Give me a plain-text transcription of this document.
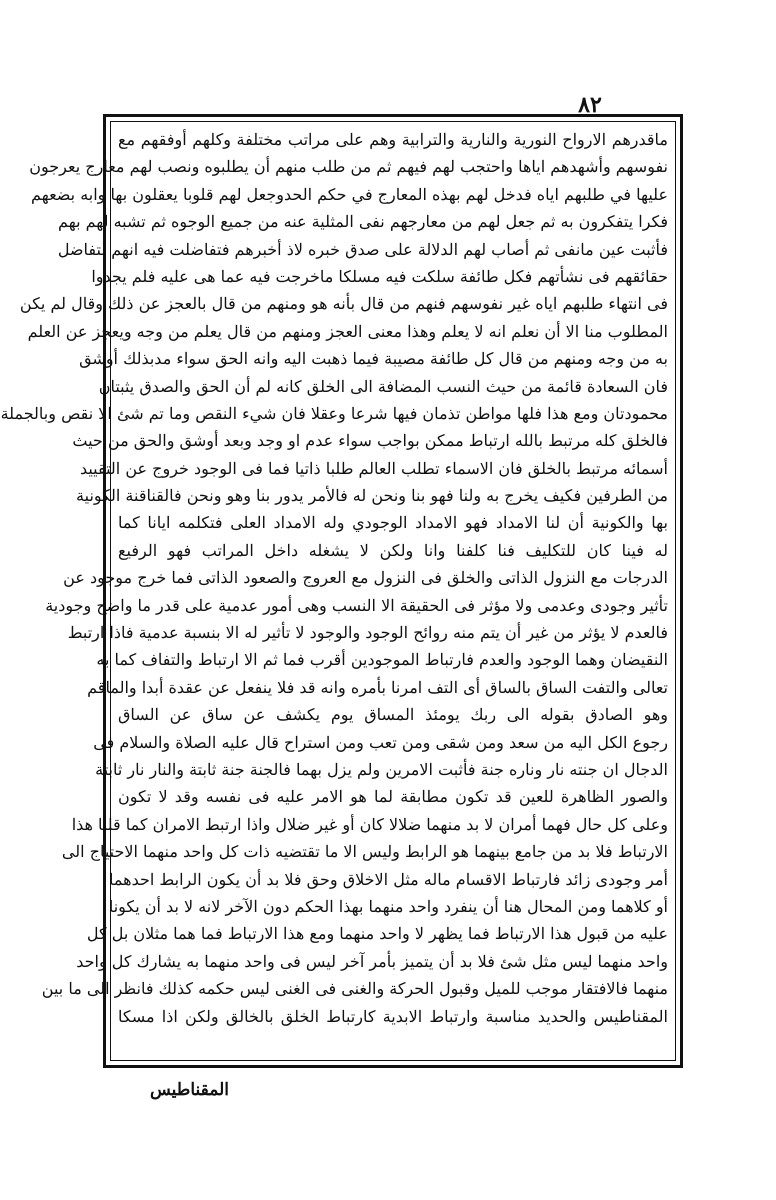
٨٢
ماقدرهم الارواح النورية والنارية والترابية وهم على مراتب مختلفة وكلهم أوفقهم مع
نفوسهم وأشهدهم اياها واحتجب لهم فيهم ثم من طلب منهم أن يطلبوه ونصب لهم معارج يعرجون
عليها في طلبهم اياه فدخل لهم بهذه المعارج في حكم الحدوجعل لهم قلوبا يعقلون بها وابه بضعهم
فكرا يتفكرون به ثم جعل لهم من معارجهم نفى المثلية عنه من جميع الوجوه ثم تشبه لهم بهم
فأثبت عين مانفى ثم أصاب لهم الدلالة على صدق خبره لاذ أخبرهم فتفاضلت فيه انهم لتفاضل
حقائقهم فى نشأتهم فكل طائفة سلكت فيه مسلكا ماخرجت فيه عما هى عليه فلم يجدوا
فى انتهاء طلبهم اياه غير نفوسهم فنهم من قال بأنه هو ومنهم من قال بالعجز عن ذلك وقال لم يكن
المطلوب منا الا أن نعلم انه لا يعلم وهذا معنى العجز ومنهم من قال يعلم من وجه ويعجز عن العلم
به من وجه ومنهم من قال كل طائفة مصيبة فيما ذهبت اليه وانه الحق سواء مدبذلك أوشق
فان السعادة قائمة من حيث النسب المضافة الى الخلق كانه لم أن الحق والصدق يثبتان
محمودتان ومع هذا فلها مواطن تذمان فيها شرعا وعقلا فان شيء النقص وما تم شئ الا نقص وبالجملة
فالخلق كله مرتبط بالله ارتباط ممكن بواجب سواء عدم او وجد وبعد أوشق والحق من حيث
أسمائه مرتبط بالخلق فان الاسماء تطلب العالم طلبا ذاتيا فما فى الوجود خروج عن التقييد
من الطرفين فكيف يخرج به ولنا فهو بنا ونحن له فالأمر يدور بنا وهو ونحن فالقناقنة الكونية
بها والكونية أن لنا الامداد فهو الامداد الوجودي وله الامداد العلى فتكلمه ايانا كما
له فينا كان للتكليف فنا كلفنا وانا ولكن لا يشغله داخل المراتب فهو الرفيع
الدرجات مع النزول الذاتى والخلق فى النزول مع العروج والصعود الذاتى فما خرج موجود عن
تأثير وجودى وعدمى ولا مؤثر فى الحقيقة الا النسب وهى أمور عدمية على قدر ما واضح وجودية
فالعدم لا يؤثر من غير أن يتم منه روائح الوجود والوجود لا تأثير له الا بنسبة عدمية فاذا ارتبط
النقيضان وهما الوجود والعدم فارتباط الموجودين أقرب فما ثم الا ارتباط والتفاف كما به
تعالى والتفت الساق بالساق أى التف امرنا بأمره وانه قد فلا ينفعل عن عقدة أبدا والماقم
وهو الصادق بقوله الى ربك يومئذ المساق يوم يكشف عن ساق عن الساق
رجوع الكل اليه من سعد ومن شقى ومن تعب ومن استراح قال عليه الصلاة والسلام فى
الدجال ان جنته نار وناره جنة فأثبت الامرين ولم يزل بهما فالجنة جنة ثابتة والنار نار ثابتة
والصور الظاهرة للعين قد تكون مطابقة لما هو الامر عليه فى نفسه وقد لا تكون
وعلى كل حال فهما أمران لا بد منهما ضلالا كان أو غير ضلال واذا ارتبط الامران كما قلنا هذا
الارتباط فلا بد من جامع بينهما هو الرابط وليس الا ما تقتضيه ذات كل واحد منهما الاحتياج الى
أمر وجودى زائد فارتباط الاقسام ماله مثل الاخلاق وحق فلا بد أن يكون الرابط احدهما
أو كلاهما ومن المحال هنا أن ينفرد واحد منهما بهذا الحكم دون الآخر لانه لا بد أن يكونا
عليه من قبول هذا الارتباط فما يظهر لا واحد منهما ومع هذا الارتباط فما هما مثلان بل كل
واحد منهما ليس مثل شئ فلا بد أن يتميز بأمر آخر ليس فى واحد منهما به يشارك كل واحد
منهما فالافتقار موجب للميل وقبول الحركة والغنى فى الغنى ليس حكمه كذلك فانظر الى ما بين
المقناطيس والحديد مناسبة وارتباط الابدية كارتباط الخلق بالخالق ولكن اذا مسكا
المقناطيس
